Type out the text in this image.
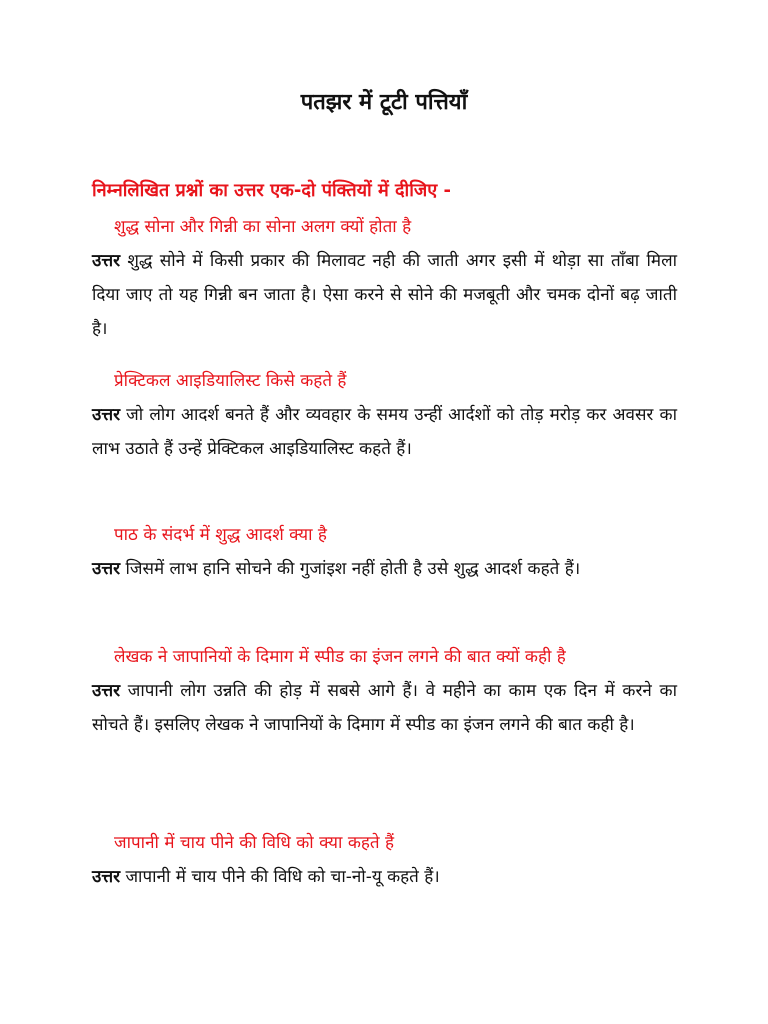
पतझर में टूटी पत्तियाँ
निम्नलिखित प्रश्नों का उत्तर एक-दो पंक्तियों में दीजिए -
शुद्ध सोना और गिन्नी का सोना अलग क्यों होता है
उत्तर शुद्ध सोने में किसी प्रकार की मिलावट नही की जाती अगर इसी में थोड़ा सा ताँबा मिला दिया जाए तो यह गिन्नी बन जाता है। ऐसा करने से सोने की मजबूती और चमक दोनों बढ़ जाती है।
प्रेक्टिकल आइडियालिस्ट किसे कहते हैं
उत्तर जो लोग आदर्श बनते हैं और व्यवहार के समय उन्हीं आर्दशों को तोड़ मरोड़ कर अवसर का लाभ उठाते हैं उन्हें प्रेक्टिकल आइडियालिस्ट कहते हैं।
पाठ के संदर्भ में शुद्ध आदर्श क्या है
उत्तर जिसमें लाभ हानि सोचने की गुजांइश नहीं होती है उसे शुद्ध आदर्श कहते हैं।
लेखक ने जापानियों के दिमाग में स्पीड का इंजन लगने की बात क्यों कही है
उत्तर जापानी लोग उन्नति की होड़ में सबसे आगे हैं। वे महीने का काम एक दिन में करने का सोचते हैं। इसलिए लेखक ने जापानियों के दिमाग में स्पीड का इंजन लगने की बात कही है।
जापानी में चाय पीने की विधि को क्या कहते हैं
उत्तर जापानी में चाय पीने की विधि को चा-नो-यू कहते हैं।
